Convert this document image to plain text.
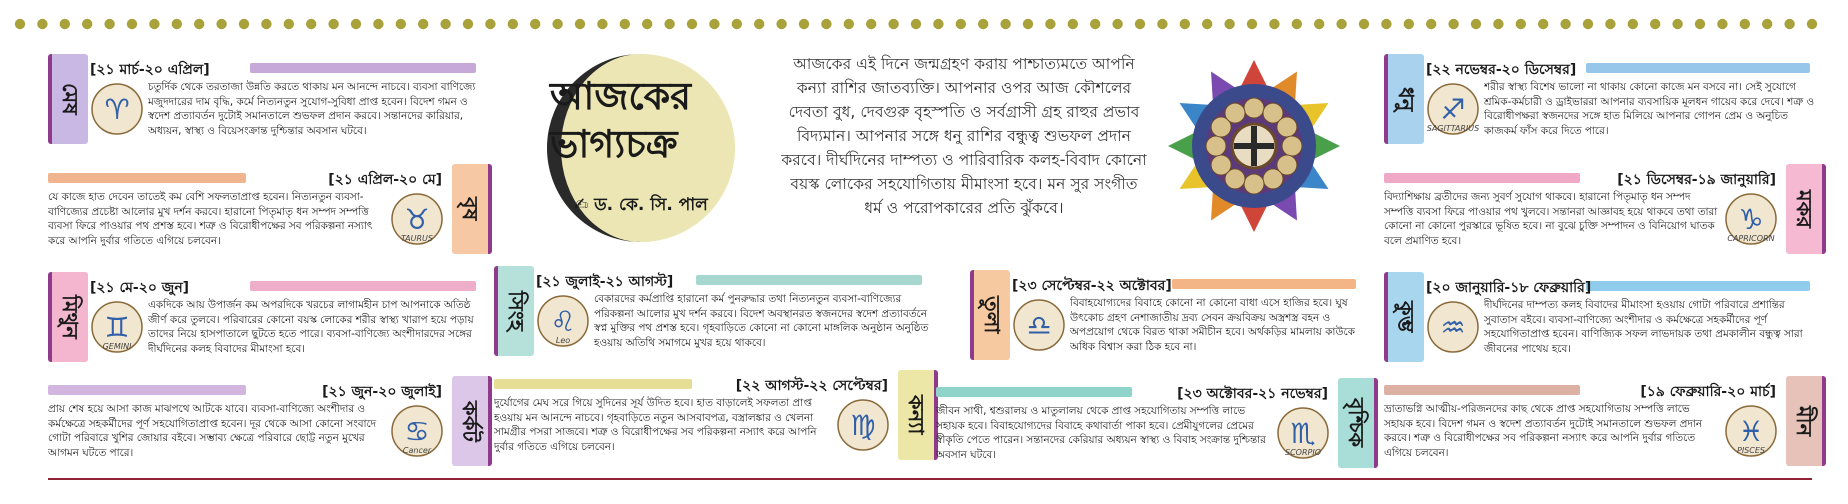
আজকের
ভাগ্যচক্র
✍ ড. কে. সি. পাল
আজকের এই দিনে জন্মগ্রহণ করায় পাশ্চাত্যমতে আপনি কন্যা রাশির জাতব্যক্তি। আপনার ওপর আজ কৌশলের দেবতা বুধ, দেবগুরু বৃহস্পতি ও সর্বগ্রাসী গ্রহ রাহুর প্রভাব বিদ্যমান। আপনার সঙ্গে ধনু রাশির বন্ধুত্ব শুভফল প্রদান করবে। দীর্ঘদিনের দাম্পত্য ও পারিবারিক কলহ-বিবাদ কোনো বয়স্ক লোকের সহযোগিতায় মীমাংসা হবে। মন সুর সংগীত ধর্ম ও পরোপকারের প্রতি ঝুঁকবে।
মেষ
[২১ মার্চ-২০ এপ্রিল]
♈
চতুর্দিক থেকে তরতাজা উন্নতি করতে থাকায় মন আনন্দে নাচবে। ব্যবসা বাণিজ্যে মজুদদারের দাম বৃদ্ধি, কর্মে নিত্যনতুন সুযোগ-সুবিধা প্রাপ্ত হবেন। বিদেশ গমন ও স্বদেশ প্রত্যাবর্তন দুটোই সমানতালে শুভফল প্রদান করবে। সন্তানদের কারিয়ার, অধ্যয়ন, স্বাস্থ্য ও বিয়েসংক্রান্ত দুশ্চিন্তার অবসান ঘটবে।
বৃষ
[২১ এপ্রিল-২০ মে]
♉
TAURUS
যে কাজে হাত দেবেন তাতেই কম বেশি সফলতাপ্রাপ্ত হবেন। নিত্যনতুন ব্যবসা-বাণিজ্যের প্রচেষ্টা আলোর মুখ দর্শন করবে। হারানো পিতৃমাতৃ ধন সম্পদ সম্পত্তি ব্যবসা ফিরে পাওয়ার পথ প্রশস্ত হবে। শত্রু ও বিরোধীপক্ষের সব পরিকল্পনা নস্যাৎ করে আপনি দুর্বার গতিতে এগিয়ে চলবেন।
মিথুন
[২১ মে-২০ জুন]
♊
GEMINI
একদিকে আয় উপার্জন কম অপরদিকে খরচের লাগামহীন চাপ আপনাকে অতিষ্ঠ জীর্ণ করে তুলবে। পরিবারের কোনো বয়স্ক লোকের শরীর স্বাস্থ্য খারাপ হয়ে পড়ায় তাদের নিয়ে হাসপাতালে ছুটতে হতে পারে। ব্যবসা-বাণিজ্যে অংশীদারদের সঙ্গের দীর্ঘদিনের কলহ বিবাদের মীমাংসা হবে।
কর্কট
[২১ জুন-২০ জুলাই]
♋
Cancer
প্রায় শেষ হয়ে আসা কাজ মাঝপথে আটকে যাবে। ব্যবসা-বাণিজ্যে অংশীদার ও কর্মক্ষেত্রে সহকর্মীদের পূর্ণ সহযোগিতাপ্রাপ্ত হবেন। দূর থেকে আসা কোনো সংবাদে গোটা পরিবারে খুশির জোয়ার বইবে। সম্ভাব্য ক্ষেত্রে পরিবারে ছোট্ট নতুন মুখের আগমন ঘটতে পারে।
সিংহ
[২১ জুলাই-২১ আগস্ট]
♌
Leo
বেকারদের কর্মপ্রাপ্তি হারানো কর্ম পুনরুদ্ধার তথা নিত্যনতুন ব্যবসা-বাণিজ্যের পরিকল্পনা আলোর মুখ দর্শন করবে। বিদেশ অবস্থানরত স্বজনদের স্বদেশ প্রত্যাবর্তনে স্বপ্ন মুক্তির পথ প্রশস্ত হবে। গৃহবাড়িতে কোনো না কোনো মাঙ্গলিক অনুষ্ঠান অনুষ্ঠিত হওয়ায় অতিথি সমাগমে মুখর হয়ে থাকবে।
কন্যা
[২২ আগস্ট-২২ সেপ্টেম্বর]
♍
দুর্যোগের মেঘ সরে গিয়ে সুদিনের সূর্য উদিত হবে। হাত বাড়ালেই সফলতা প্রাপ্ত হওয়ায় মন আনন্দে নাচবে। গৃহবাড়িতে নতুন আসবাবপত্র, বস্ত্রালঙ্কার ও খেলনা সামগ্রীর পসরা সাজবে। শত্রু ও বিরোধীপক্ষের সব পরিকল্পনা নস্যাৎ করে আপনি দুর্বার গতিতে এগিয়ে চলবেন।
তুলা
[২৩ সেপ্টেম্বর-২২ অক্টোবর]
♎
বিবাহযোগ্যদের বিবাহে কোনো না কোনো বাধা এসে হাজির হবে। ঘুষ উৎকোচ গ্রহণ নেশাজাতীয় দ্রব্য সেবন ক্রয়বিক্রয় অস্ত্রশস্ত্র বহন ও অপপ্রয়োগ থেকে বিরত থাকা সমীচীন হবে। অর্থকড়ির মামলায় কাউকে অধিক বিশ্বাস করা ঠিক হবে না।
বৃশ্চিক
[২৩ অক্টোবর-২১ নভেম্বর]
♏
SCORPIO
জীবন সাথী, শ্বশুরালয় ও মাতুলালয় থেকে প্রাপ্ত সহযোগিতায় সম্পত্তি লাভে সহায়ক হবে। বিবাহযোগ্যদের বিবাহে কথাবার্তা পাকা হবে। প্রেমীযুগলের প্রেমের স্বীকৃতি পেতে পারেন। সন্তানদের কেরিয়ার অধ্যয়ন স্বাস্থ্য ও বিবাহ সংক্রান্ত দুশ্চিন্তার অবসান ঘটবে।
ধনু
[২২ নভেম্বর-২০ ডিসেম্বর]
♐
SAGITTARIUS
শরীর স্বাস্থ্য বিশেষ ভালো না থাকায় কোনো কাজে মন বসবে না। সেই সুযোগে শ্রমিক-কর্মচারী ও ড্রাইভাররা আপনার ব্যবসায়িক মূলধন গায়েব করে দেবে। শত্রু ও বিরোধীপক্ষরা স্বজনদের সঙ্গে হাত মিলিয়ে আপনার গোপন প্রেম ও অনুচিত কাজকর্ম ফাঁস করে দিতে পারে।
মকর
[২১ ডিসেম্বর-১৯ জানুয়ারি]
♑
CAPRICORN
বিদ্যাশিক্ষায় ব্রতীদের জন্য সুবর্ণ সুযোগ থাকবে। হারানো পিতৃমাতৃ ধন সম্পদ সম্পত্তি ব্যবসা ফিরে পাওয়ার পথ খুলবে। সন্তানরা আজ্ঞাবহ হয়ে থাকবে তথা তারা কোনো না কোনো পুরস্কারে ভূষিত হবে। না বুঝে চুক্তি সম্পাদন ও বিনিয়োগ ঘাতক বলে প্রমাণিত হবে।
কুম্ভ
[২০ জানুয়ারি-১৮ ফেব্রুয়ারি]
♒
দীর্ঘদিনের দাম্পত্য কলহ বিবাদের মীমাংসা হওয়ায় গোটা পরিবারে প্রশান্তির সুবাতাস বইবে। ব্যবসা-বাণিজ্যে অংশীদার ও কর্মক্ষেত্রে সহকর্মীদের পূর্ণ সহযোগিতাপ্রাপ্ত হবেন। বাণিজ্যিক সফল লাভদায়ক তথা প্রমকালীন বন্ধুত্ব সারা জীবনের পাথেয় হবে।
মীন
[১৯ ফেব্রুয়ারি-২০ মার্চ]
♓
PISCES
ভ্রাতাভগ্নি আত্মীয়-পরিজনদের কাছ থেকে প্রাপ্ত সহযোগিতায় সম্পত্তি লাভে সহায়ক হবে। বিদেশ গমন ও স্বদেশ প্রত্যাবর্তন দুটোই সমানতালে শুভফল প্রদান করবে। শত্রু ও বিরোধীপক্ষের সব পরিকল্পনা নস্যাৎ করে আপনি দুর্বার গতিতে এগিয়ে চলবেন।
